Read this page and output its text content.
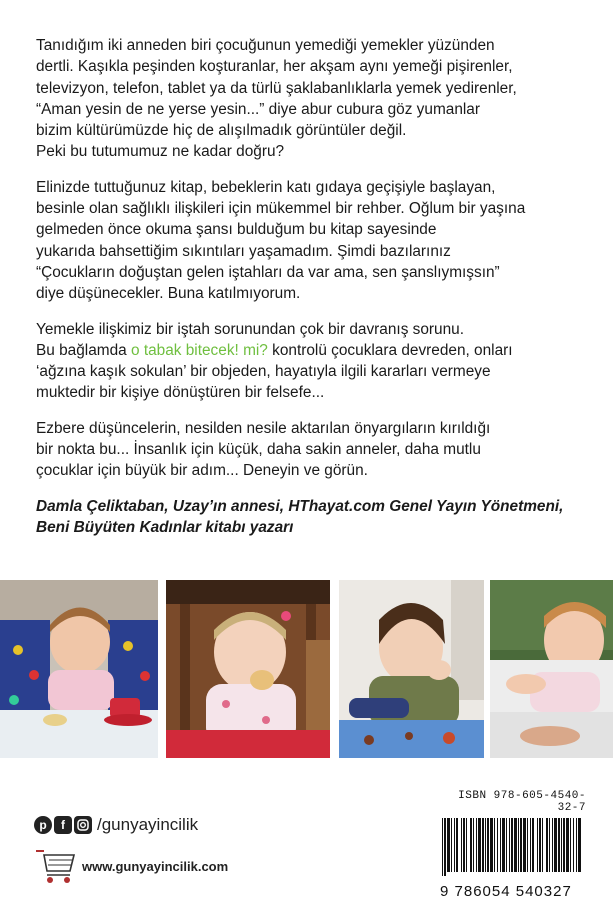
Tanıdığım iki anneden biri çocuğunun yemediği yemekler yüzünden
dertli. Kaşıkla peşinden koşturanlar, her akşam aynı yemeği pişirenler,
televizyon, telefon, tablet ya da türlü şaklabanlıklarla yemek yedirenler,
“Aman yesin de ne yerse yesin...” diye abur cubura göz yumanlar
bizim kültürümüzde hiç de alışılmadık görüntüler değil.
Peki bu tutumumuz ne kadar doğru?

Elinizde tuttuğunuz kitap, bebeklerin katı gıdaya geçişiyle başlayan,
besinle olan sağlıklı ilişkileri için mükemmel bir rehber. Oğlum bir yaşına
gelmeden önce okuma şansı bulduğum bu kitap sayesinde
yukarıda bahsettiğim sıkıntıları yaşamadım. Şimdi bazılarınız
“Çocukların doğuştan gelen iştahları da var ama, sen şanslıymışsın”
diye düşünecekler. Buna katılmıyorum.

Yemekle ilişkimiz bir iştah sorunundan çok bir davranış sorunu.
Bu bağlamda o tabak bitecek! mi? kontrolü çocuklara devreden, onları
‘ağzına kaşık sokulan’ bir objeden, hayatıyla ilgili kararları vermeye
muktedir bir kişiye dönüştüren bir felsefe...

Ezbere düşüncelerin, nesilden nesile aktarılan önyargıların kırıldığı
bir nokta bu... İnsanlık için küçük, daha sakin anneler, daha mutlu
çocuklar için büyük bir adım... Deneyin ve görün.

Damla Çeliktaban, Uzay’ın annesi, HThayat.com Genel Yayın Yönetmeni,
Beni Büyüten Kadınlar kitabı yazarı
p	f	/gunyayincilik
www.gunyayincilik.com
ISBN 978-605-4540-32-7
9 786054 540327
